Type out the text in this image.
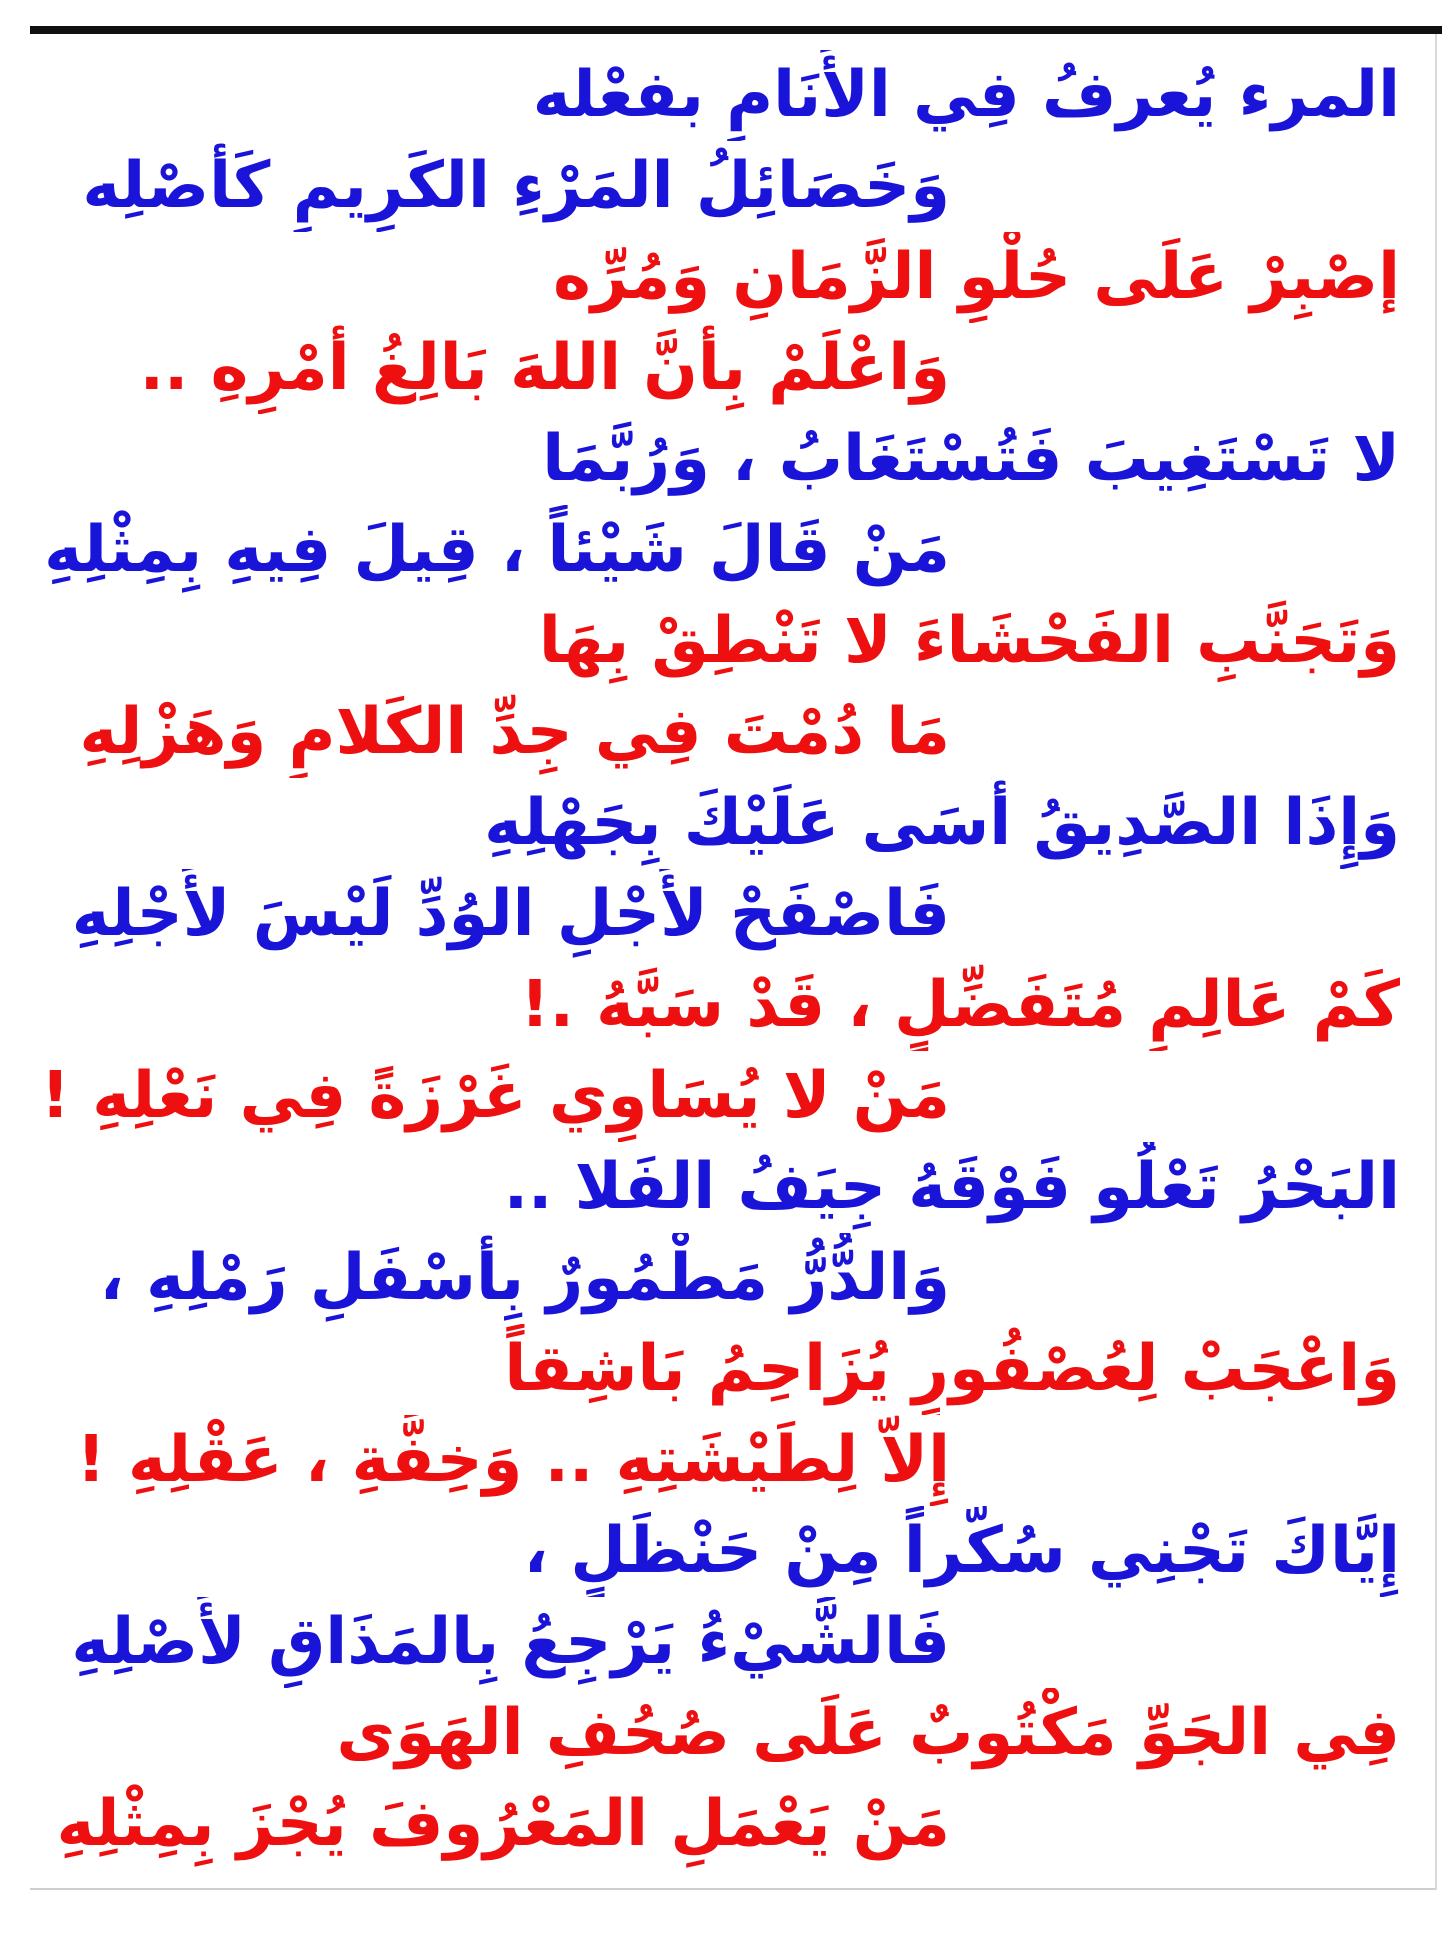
المرء يُعرفُ فِي الأَنَامِ بفعْله
وَخَصَائِلُ المَرْءِ الكَرِيمِ كَأَصْلِه
إصْبِرْ عَلَى حُلْوِ الزَّمَانِ وَمُرِّه
وَاعْلَمْ بِأَنَّ اللهَ بَالِغُ أَمْرِهِ ..
لا تَسْتَغِيبَ فَتُسْتَغَابُ ، وَرُبَّمَا
مَنْ قَالَ شَيْئاً ، قِيلَ فِيهِ بِمِثْلِهِ
وَتَجَنَّبِ الفَحْشَاءَ لا تَنْطِقْ بِهَا
مَا دُمْتَ فِي جِدِّ الكَلامِ وَهَزْلِهِ
وَإِذَا الصَّدِيقُ أَسَى عَلَيْكَ بِجَهْلِهِ
فَاصْفَحْ لأَجْلِ الوُدِّ لَيْسَ لأَجْلِهِ
كَمْ عَالِمٍ مُتَفَضِّلٍ ، قَدْ سَبَّهُ .!
مَنْ لا يُسَاوِي غَرْزَةً فِي نَعْلِهِ !
البَحْرُ تَعْلُو فَوْقَهُ جِيَفُ الفَلا ..
وَالدُّرُّ مَطْمُورٌ بِأَسْفَلِ رَمْلِهِ ،
وَاعْجَبْ لِعُصْفُورٍ يُزَاحِمُ بَاشِقاً
إِلاَّ لِطَيْشَتِهِ .. وَخِفَّةِ ، عَقْلِهِ !
إِيَّاكَ تَجْنِي سُكَّراً مِنْ حَنْظَلٍ ،
فَالشَّيْءُ يَرْجِعُ بِالمَذَاقِ لأَصْلِهِ
فِي الجَوِّ مَكْتُوبٌ عَلَى صُحُفِ الهَوَى
مَنْ يَعْمَلِ المَعْرُوفَ يُجْزَ بِمِثْلِهِ
